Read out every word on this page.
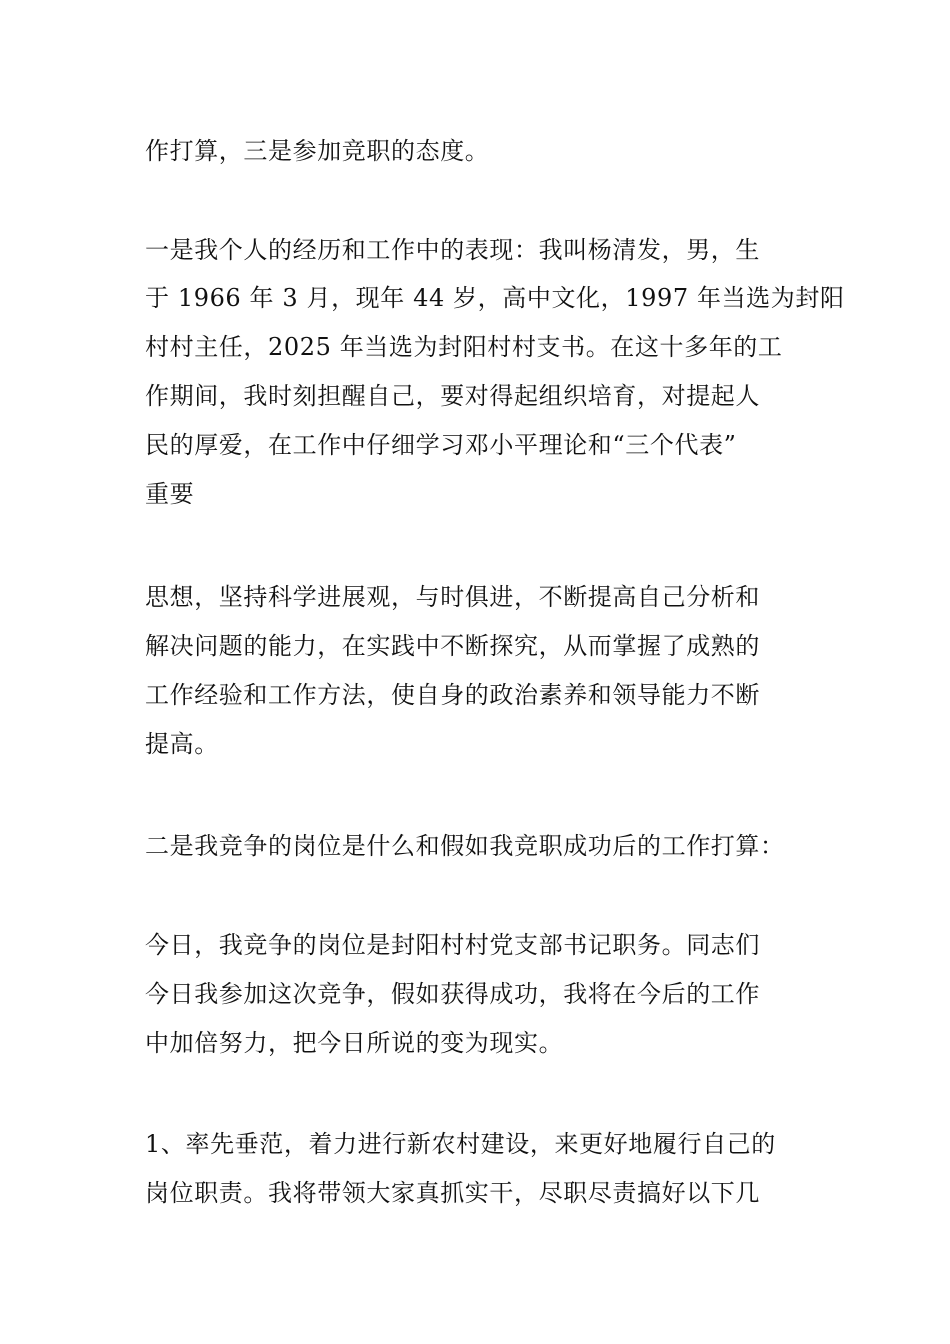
作打算，三是参加竞职的态度。
一是我个人的经历和工作中的表现：我叫杨清发，男，生
于 1966 年 3 月，现年 44 岁，高中文化，1997 年当选为封阳
村村主任，2025 年当选为封阳村村支书。在这十多年的工
作期间，我时刻担醒自己，要对得起组织培育，对提起人
民的厚爱，在工作中仔细学习邓小平理论和“三个代表”
重要
思想，坚持科学进展观，与时俱进，不断提高自己分析和
解决问题的能力，在实践中不断探究，从而掌握了成熟的
工作经验和工作方法，使自身的政治素养和领导能力不断
提高。
二是我竞争的岗位是什么和假如我竞职成功后的工作打算：
今日，我竞争的岗位是封阳村村党支部书记职务。同志们
今日我参加这次竞争，假如获得成功，我将在今后的工作
中加倍努力，把今日所说的变为现实。
1、率先垂范，着力进行新农村建设，来更好地履行自己的
岗位职责。我将带领大家真抓实干，尽职尽责搞好以下几
